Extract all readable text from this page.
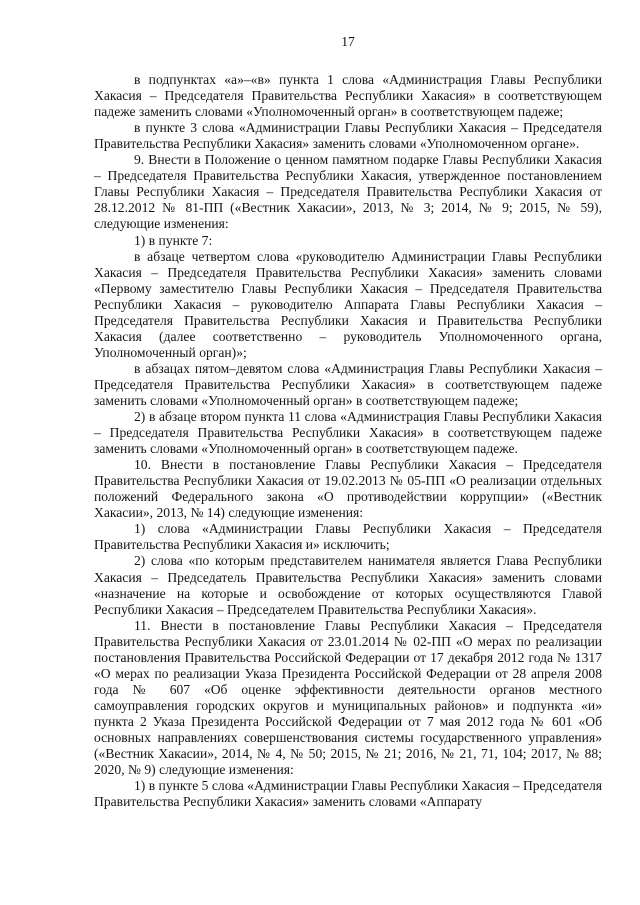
17

в подпунктах «а»–«в» пункта 1 слова «Администрация Главы Республики Хакасия – Председателя Правительства Республики Хакасия» в соответствующем падеже заменить словами «Уполномоченный орган» в соответствующем падеже;

в пункте 3 слова «Администрации Главы Республики Хакасия – Председателя Правительства Республики Хакасия» заменить словами «Уполномоченном органе».

9. Внести в Положение о ценном памятном подарке Главы Республики Хакасия – Председателя Правительства Республики Хакасия, утвержденное постановлением Главы Республики Хакасия – Председателя Правительства Республики Хакасия от 28.12.2012 № 81-ПП («Вестник Хакасии», 2013, № 3; 2014, № 9; 2015, № 59), следующие изменения:

1) в пункте 7:

в абзаце четвертом слова «руководителю Администрации Главы Республики Хакасия – Председателя Правительства Республики Хакасия» заменить словами «Первому заместителю Главы Республики Хакасия – Председателя Правительства Республики Хакасия – руководителю Аппарата Главы Республики Хакасия – Председателя Правительства Республики Хакасия и Правительства Республики Хакасия (далее соответственно – руководитель Уполномоченного органа, Уполномоченный орган)»;

в абзацах пятом–девятом слова «Администрация Главы Республики Хакасия – Председателя Правительства Республики Хакасия» в соответствующем падеже заменить словами «Уполномоченный орган» в соответствующем падеже;

2) в абзаце втором пункта 11 слова «Администрация Главы Республики Хакасия – Председателя Правительства Республики Хакасия» в соответствующем падеже заменить словами «Уполномоченный орган» в соответствующем падеже.

10. Внести в постановление Главы Республики Хакасия – Председателя Правительства Республики Хакасия от 19.02.2013 № 05-ПП «О реализации отдельных положений Федерального закона «О противодействии коррупции» («Вестник Хакасии», 2013, № 14) следующие изменения:

1) слова «Администрации Главы Республики Хакасия – Председателя Правительства Республики Хакасия и» исключить;

2) слова «по которым представителем нанимателя является Глава Республики Хакасия – Председатель Правительства Республики Хакасия» заменить словами «назначение на которые и освобождение от которых осуществляются Главой Республики Хакасия – Председателем Правительства Республики Хакасия».

11. Внести в постановление Главы Республики Хакасия – Председателя Правительства Республики Хакасия от 23.01.2014 № 02-ПП «О мерах по реализации постановления Правительства Российской Федерации от 17 декабря 2012 года № 1317 «О мерах по реализации Указа Президента Российской Федерации от 28 апреля 2008 года № 607 «Об оценке эффективности деятельности органов местного самоуправления городских округов и муниципальных районов» и подпункта «и» пункта 2 Указа Президента Российской Федерации от 7 мая 2012 года № 601 «Об основных направлениях совершенствования системы государственного управления» («Вестник Хакасии», 2014, № 4, № 50; 2015, № 21; 2016, № 21, 71, 104; 2017, № 88; 2020, № 9) следующие изменения:

1) в пункте 5 слова «Администрации Главы Республики Хакасия – Председателя Правительства Республики Хакасия» заменить словами «Аппарату
